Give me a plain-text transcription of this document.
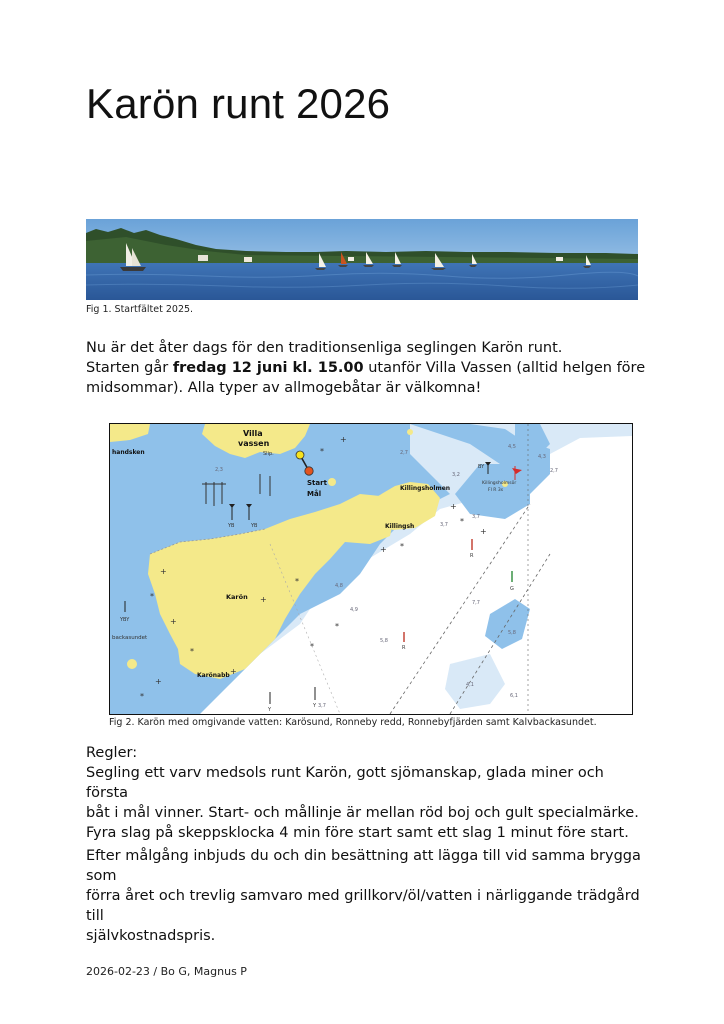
Karön runt 2026
Fig 1. Startfältet 2025.

Nu är det åter dags för den traditionsenliga seglingen Karön runt.

Starten går fredag 12 juni kl. 15.00 utanför Villa Vassen (alltid helgen före

midsommar). Alla typer av allmogebåtar är välkomna!

+
*
+
*
+
*
+
*
+ *
+
*
+
*
+
*
+
*
Villa
vassen
Slip.
Start
Mål
handsken
Killingsholmen
Killingsh
Karön
Karönabb
backasundet
Killingsholmsör
Fl R 3s
YB	YB
BY
R
R
G
YBY
Y
Y
4,5
4,3
2,7
3,2
3,7
2,3
4,8
4,9
5,8
7,7
5,8
4,1
6,1
2,7
3,7
3,7
Fig 2. Karön med omgivande vatten: Karösund, Ronneby redd, Ronnebyfjärden samt Kalvbackasundet.

Regler:

Segling ett varv medsols runt Karön, gott sjömanskap, glada miner och första

båt i mål vinner. Start- och mållinje är mellan röd boj och gult specialmärke.

Fyra slag på skeppsklocka 4 min före start samt ett slag 1 minut före start.

Efter målgång inbjuds du och din besättning att lägga till vid samma brygga som

förra året och trevlig samvaro med grillkorv/öl/vatten i närliggande trädgård till

självkostnadspris.

2026-02-23 / Bo G, Magnus P
